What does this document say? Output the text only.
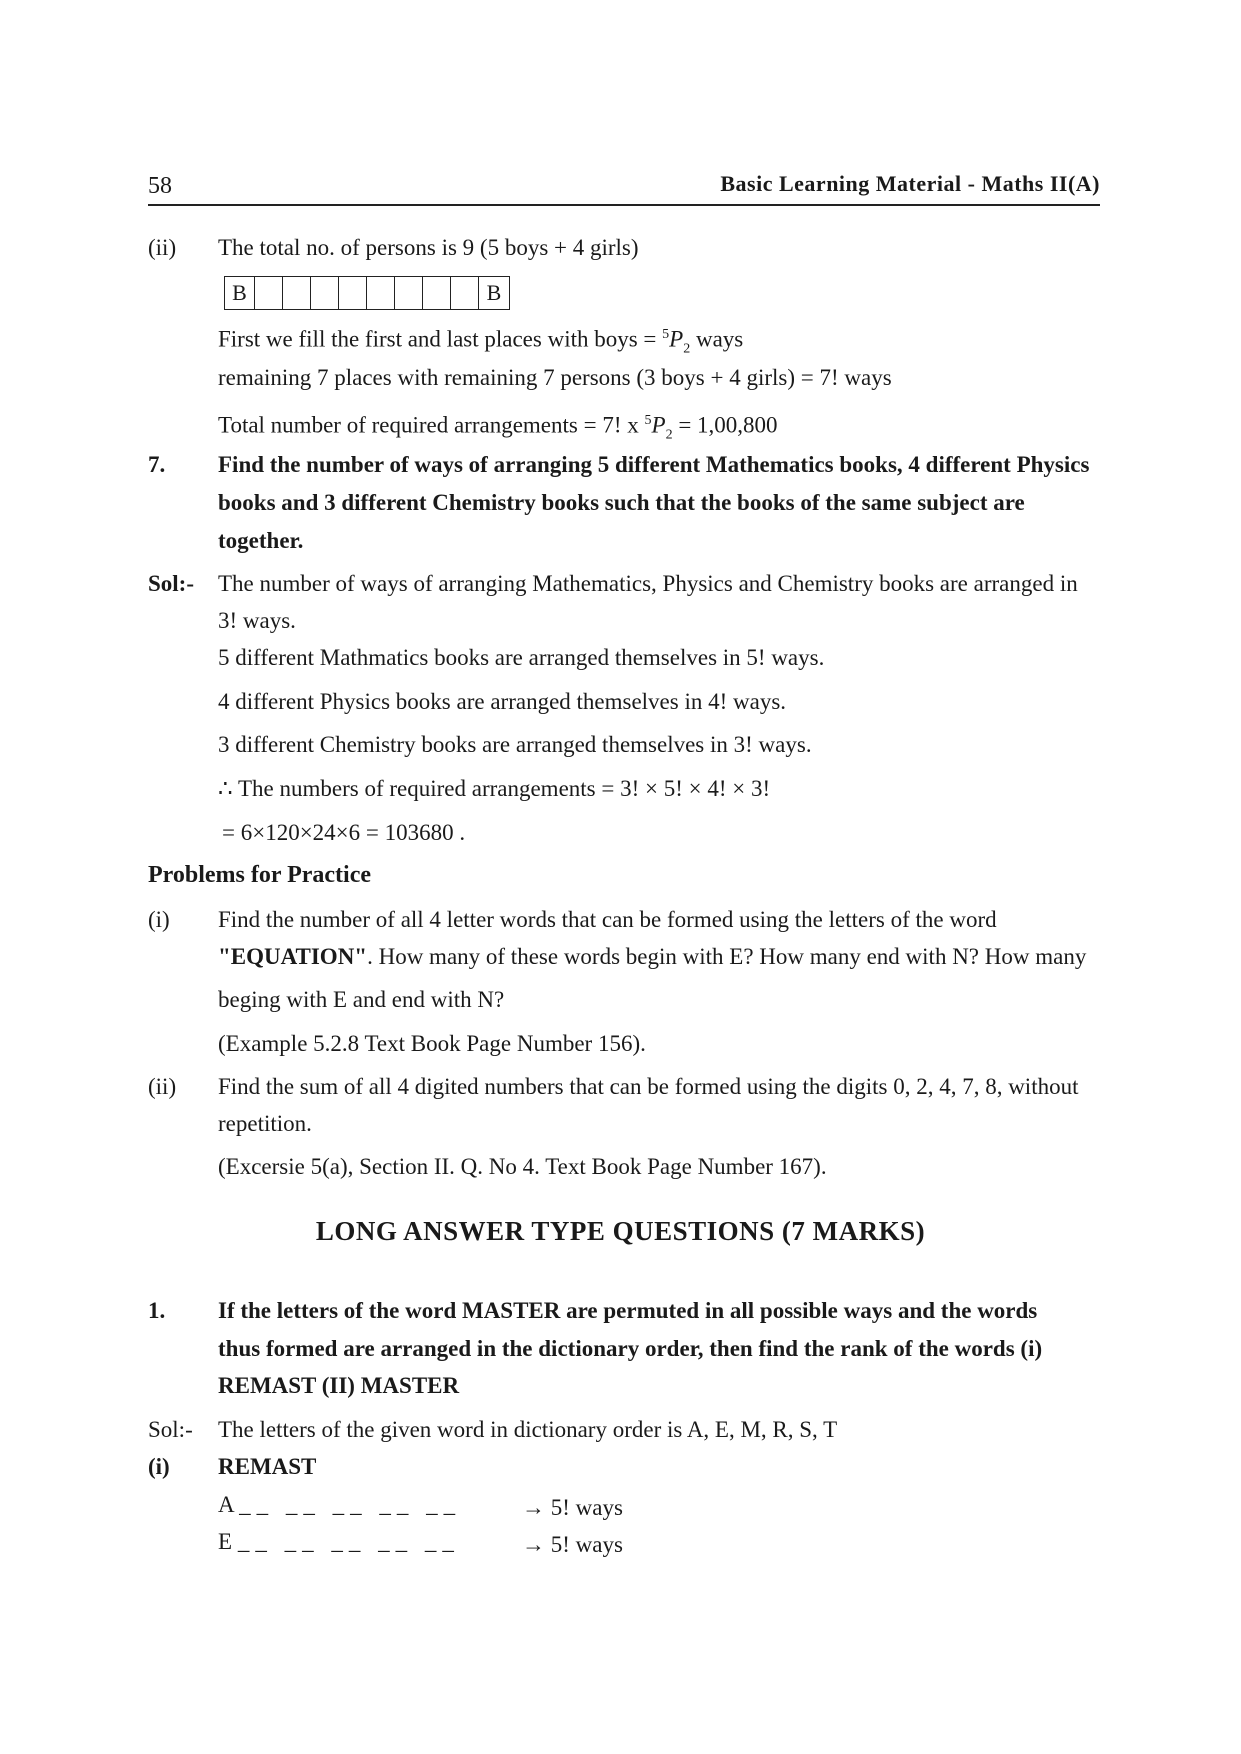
58	Basic Learning Material - Maths II(A)
(ii) The total no. of persons is 9 (5 boys + 4 girls)
B	B
First we fill the first and last places with boys = $^5P_2$ ways
remaining 7 places with remaining 7 persons (3 boys + 4 girls) = 7! ways
Total number of required arrangements = 7! x $^5P_2 = 1,00,800$
7. Find the number of ways of arranging 5 different Mathematics books, 4 different Physics
books and 3 different Chemistry books such that the books of the same subject are
together.
Sol:- The number of ways of arranging Mathematics, Physics and Chemistry books are arranged in
3! ways.
5 different Mathmatics books are arranged themselves in 5! ways.
4 different Physics books are arranged themselves in 4! ways.
3 different Chemistry books are arranged themselves in 3! ways.
∴ The numbers of required arrangements = 3! × 5! × 4! × 3!
= 6×120×24×6 = 103680 .
Problems for Practice
(i) Find the number of all 4 letter words that can be formed using the letters of the word
"EQUATION". How many of these words begin with E? How many end with N? How many
beging with E and end with N?
(Example 5.2.8 Text Book Page Number 156).
(ii) Find the sum of all 4 digited numbers that can be formed using the digits 0, 2, 4, 7, 8, without
repetition.
(Excersie 5(a), Section II. Q. No 4. Text Book Page Number 167).
LONG ANSWER TYPE QUESTIONS (7 MARKS)
1. If the letters of the word MASTER are permuted in all possible ways and the words
thus formed are arranged in the dictionary order, then find the rank of the words (i)
REMAST (II) MASTER
Sol:- The letters of the given word in dictionary order is A, E, M, R, S, T
(i) REMAST
A __ __ __ __ __	→ 5! ways
E __ __ __ __ __	→ 5! ways
